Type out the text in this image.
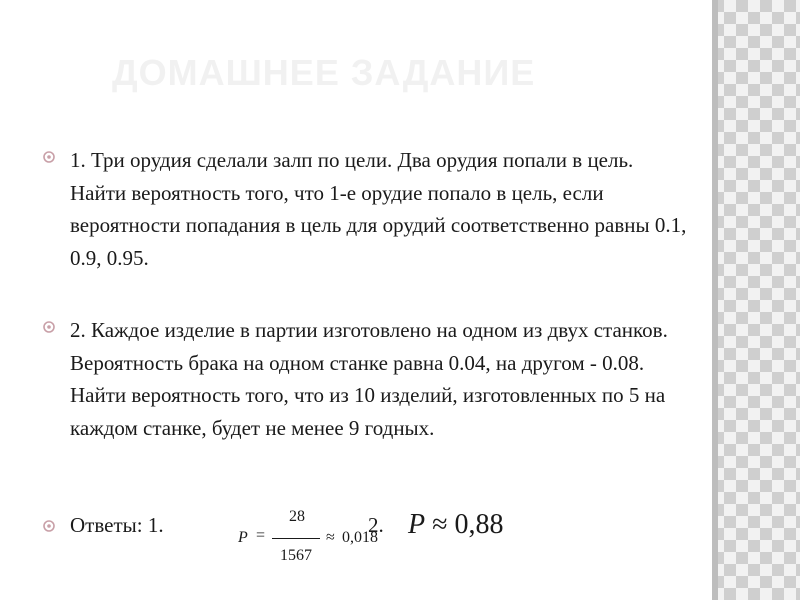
ДОМАШНЕЕ ЗАДАНИЕ

1. Три орудия сделали залп по цели. Два орудия попали в цель. Найти вероятность того, что 1-е орудие попало в цель, если вероятности попадания в цель для орудий соответственно равны 0.1, 0.9, 0.95.

2. Каждое изделие в партии изготовлено на одном из двух станков. Вероятность брака на одном станке равна 0.04, на другом - 0.08. Найти вероятность того, что из 10 изделий, изготовленных по 5 на каждом станке, будет не менее 9 годных.

Ответы: 1.
P =
28
1567
≈ 0,018
2. P ≈ 0,88
